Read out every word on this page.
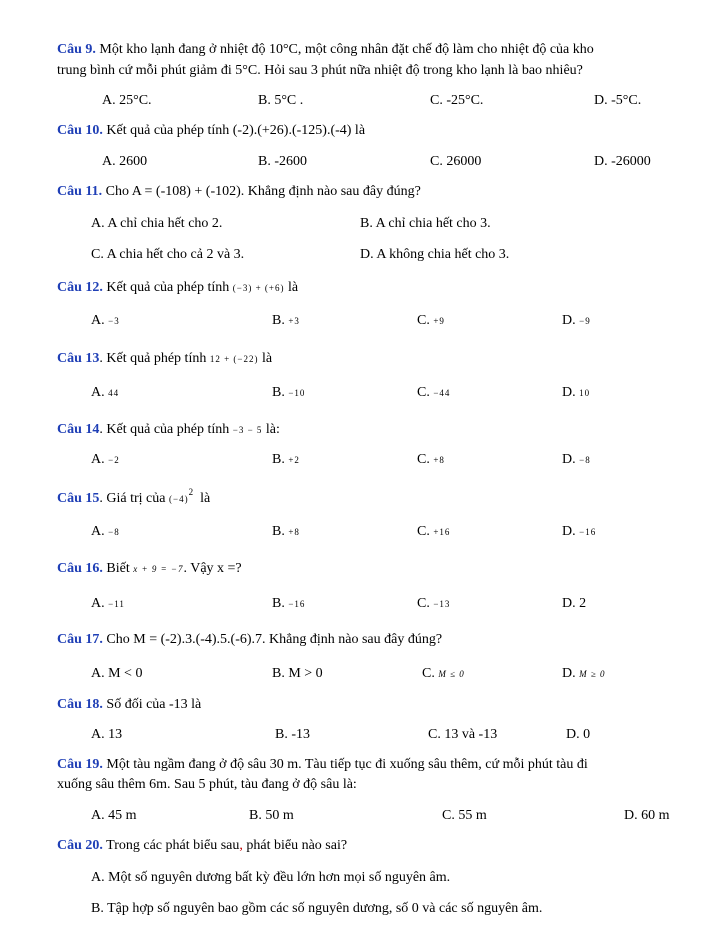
Câu 9. Một kho lạnh đang ở nhiệt độ 10°C, một công nhân đặt chế độ làm cho nhiệt độ của kho
trung bình cứ mỗi phút giảm đi 5°C. Hỏi sau 3 phút nữa nhiệt độ trong kho lạnh là bao nhiêu?
A. 25°C.	B. 5°C .	C. -25°C.	D. -5°C.
Câu 10. Kết quả của phép tính (-2).(+26).(-125).(-4) là
A. 2600	B. -2600	C. 26000	D. -26000
Câu 11. Cho A = (-108) + (-102). Khẳng định nào sau đây đúng?
A. A chỉ chia hết cho 2.	B. A chỉ chia hết cho 3.
C. A chia hết cho cả 2 và 3.	D. A không chia hết cho 3.
Câu 12. Kết quả của phép tính (−3) + (+6) là
A. −3	B. +3	C. +9	D. −9
Câu 13. Kết quả phép tính 12 + (−22) là
A. 44	B. −10	C. −44	D. 10
Câu 14. Kết quả của phép tính −3 − 5 là:
A. −2	B. +2	C. +8	D. −8
Câu 15. Giá trị của $(-4)^2$ là
A. −8	B. +8	C. +16	D. −16
Câu 16. Biết x + 9 = −7. Vậy x =?
A. −11	B. −16	C. −13	D. 2
Câu 17. Cho M = (-2).3.(-4).5.(-6).7. Khẳng định nào sau đây đúng?
A. M < 0	B. M > 0	C. M ≤ 0	D. M ≥ 0
Câu 18. Số đối của -13 là
A. 13	B. -13	C. 13 và -13	D. 0
Câu 19. Một tàu ngầm đang ở độ sâu 30 m. Tàu tiếp tục đi xuống sâu thêm, cứ mỗi phút tàu đi
xuống sâu thêm 6m. Sau 5 phút, tàu đang ở độ sâu là:
A. 45 m	B. 50 m	C. 55 m	D. 60 m
Câu 20. Trong các phát biểu sau, phát biểu nào sai?
A. Một số nguyên dương bất kỳ đều lớn hơn mọi số nguyên âm.
B. Tập hợp số nguyên bao gồm các số nguyên dương, số 0 và các số nguyên âm.
